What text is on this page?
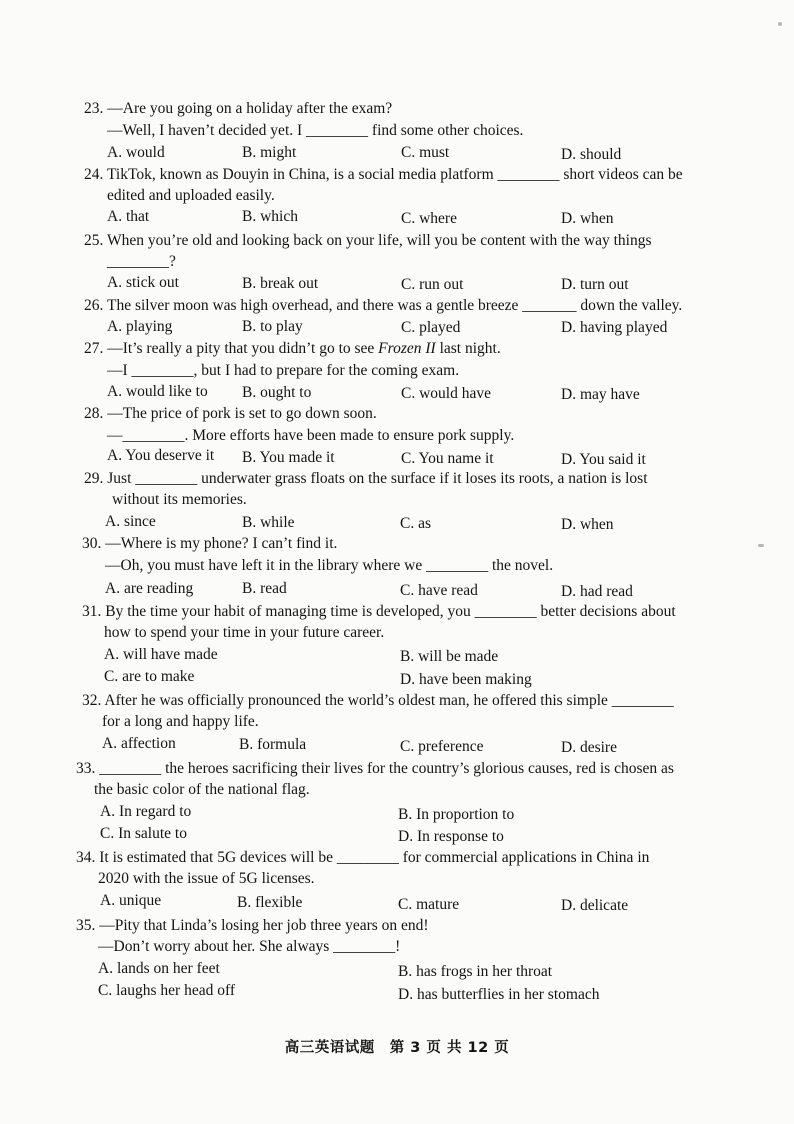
23. —Are you going on a holiday after the exam?
—Well, I haven’t decided yet. I ________ find some other choices.
A. would	B. might	C. must	D. should
24. TikTok, known as Douyin in China, is a social media platform ________ short videos can be
edited and uploaded easily.
A. that	B. which	C. where	D. when
25. When you’re old and looking back on your life, will you be content with the way things
________?
A. stick out	B. break out	C. run out	D. turn out
26. The silver moon was high overhead, and there was a gentle breeze _______ down the valley.
A. playing	B. to play	C. played	D. having played
27. —It’s really a pity that you didn’t go to see Frozen II last night.
—I ________, but I had to prepare for the coming exam.
A. would like to B. ought to	C. would have	D. may have
28. —The price of pork is set to go down soon.
—________. More efforts have been made to ensure pork supply.
A. You deserve it B. You made it	C. You name it	D. You said it
29. Just ________ underwater grass floats on the surface if it loses its roots, a nation is lost
without its memories.
A. since	B. while	C. as	D. when
30. —Where is my phone? I can’t find it.
—Oh, you must have left it in the library where we ________ the novel.
A. are reading	B. read	C. have read	D. had read
31. By the time your habit of managing time is developed, you ________ better decisions about
how to spend your time in your future career.
A. will have made	B. will be made
C. are to make	D. have been making
32. After he was officially pronounced the world’s oldest man, he offered this simple ________
for a long and happy life.
A. affection	B. formula	C. preference	D. desire
33. ________ the heroes sacrificing their lives for the country’s glorious causes, red is chosen as
the basic color of the national flag.
A. In regard to	B. In proportion to
C. In salute to	D. In response to
34. It is estimated that 5G devices will be ________ for commercial applications in China in
2020 with the issue of 5G licenses.
A. unique	B. flexible	C. mature	D. delicate
35. —Pity that Linda’s losing her job three years on end!
—Don’t worry about her. She always ________!
A. lands on her feet	B. has frogs in her throat
C. laughs her head off	D. has butterflies in her stomach
高三英语试题　第 3 页 共 12 页
